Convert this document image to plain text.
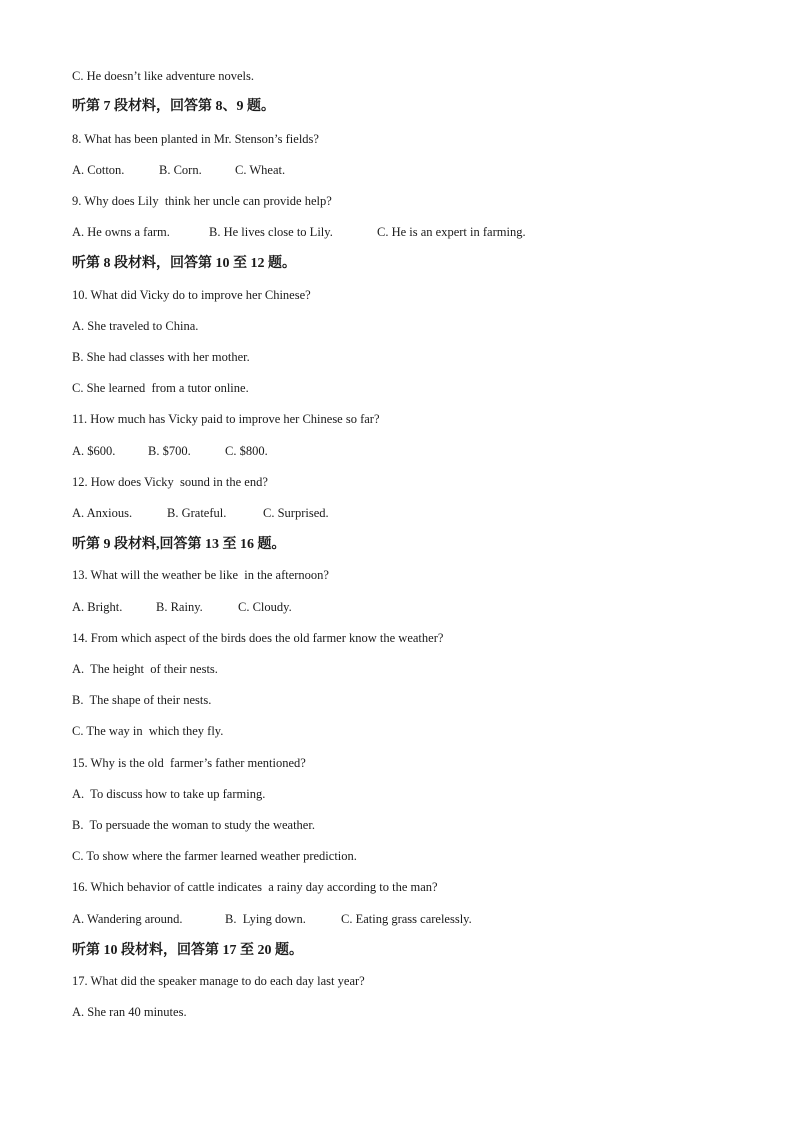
C. He doesn’t like adventure novels.
听第 7 段材料，回答第 8、9 题。
8. What has been planted in Mr. Stenson’s fields?
A. Cotton.	B. Corn.	C. Wheat.
9. Why does Lily  think her uncle can provide help?
A. He owns a farm.	B. He lives close to Lily.	C. He is an expert in farming.
听第 8 段材料，回答第 10 至 12 题。
10. What did Vicky do to improve her Chinese?
A. She traveled to China.
B. She had classes with her mother.
C. She learned  from a tutor online.
11. How much has Vicky paid to improve her Chinese so far?
A. $600.	B. $700.	C. $800.
12. How does Vicky  sound in the end?
A. Anxious.	B. Grateful.	C. Surprised.
听第 9 段材料,回答第 13 至 16 题。
13. What will the weather be like  in the afternoon?
A. Bright.	B. Rainy.	C. Cloudy.
14. From which aspect of the birds does the old farmer know the weather?
A.  The height  of their nests.
B.  The shape of their nests.
C. The way in  which they fly.
15. Why is the old  farmer’s father mentioned?
A.  To discuss how to take up farming.
B.  To persuade the woman to study the weather.
C. To show where the farmer learned weather prediction.
16. Which behavior of cattle indicates  a rainy day according to the man?
A. Wandering around.	B.  Lying down.	C. Eating grass carelessly.
听第 10 段材料，回答第 17 至 20 题。
17. What did the speaker manage to do each day last year?
A. She ran 40 minutes.
